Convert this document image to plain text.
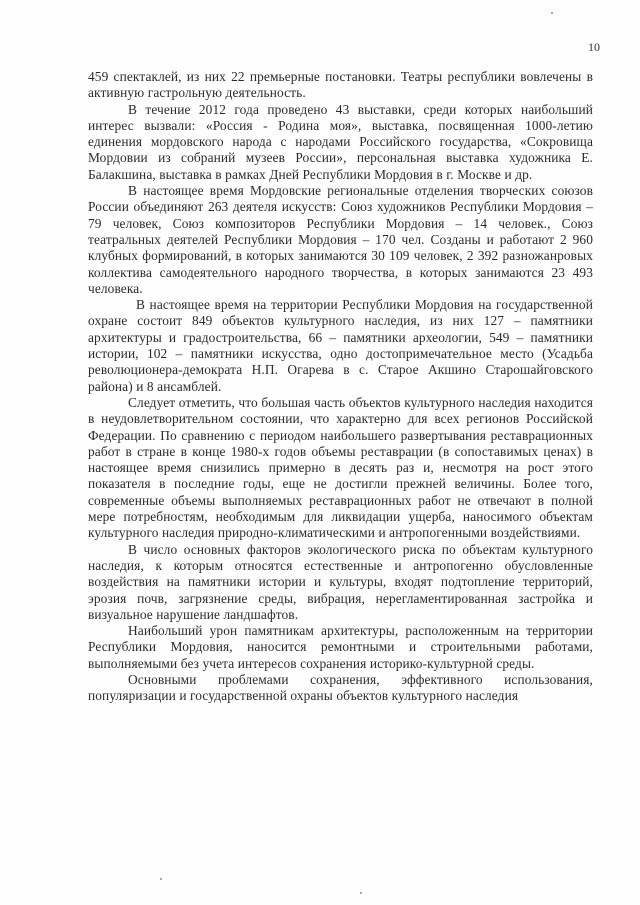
10

459 спектаклей, из них 22 премьерные постановки. Театры республики вовлечены в активную гастрольную деятельность.

В течение 2012 года проведено 43 выставки, среди которых наибольший интерес вызвали: «Россия - Родина моя», выставка, посвященная 1000-летию единения мордовского народа с народами Российского государства, «Сокровища Мордовии из собраний музеев России», персональная выставка художника Е. Балакшина, выставка в рамках Дней Республики Мордовия в г. Москве и др.

В настоящее время Мордовские региональные отделения творческих союзов России объединяют 263 деятеля искусств: Союз художников Республики Мордовия – 79 человек, Союз композиторов Республики Мордовия – 14 человек., Союз театральных деятелей Республики Мордовия – 170 чел. Созданы и работают 2 960 клубных формирований, в которых занимаются 30 109 человек, 2 392 разножанровых коллектива самодеятельного народного творчества, в которых занимаются 23 493 человека.

В настоящее время на территории Республики Мордовия на государственной охране состоит 849 объектов культурного наследия, из них 127 – памятники архитектуры и градостроительства, 66 – памятники археологии, 549 – памятники истории, 102 – памятники искусства, одно достопримечательное место (Усадьба революционера-демократа Н.П. Огарева в с. Старое Акшино Старошайговского района) и 8 ансамблей.

Следует отметить, что большая часть объектов культурного наследия находится в неудовлетворительном состоянии, что характерно для всех регионов Российской Федерации. По сравнению с периодом наибольшего развертывания реставрационных работ в стране в конце 1980-х годов объемы реставрации (в сопоставимых ценах) в настоящее время снизились примерно в десять раз и, несмотря на рост этого показателя в последние годы, еще не достигли прежней величины. Более того, современные объемы выполняемых реставрационных работ не отвечают в полной мере потребностям, необходимым для ликвидации ущерба, наносимого объектам культурного наследия природно-климатическими и антропогенными воздействиями.

В число основных факторов экологического риска по объектам культурного наследия, к которым относятся естественные и антропогенно обусловленные воздействия на памятники истории и культуры, входят подтопление территорий, эрозия почв, загрязнение среды, вибрация, нерегламентированная застройка и визуальное нарушение ландшафтов.

Наибольший урон памятникам архитектуры, расположенным на территории Республики Мордовия, наносится ремонтными и строительными работами, выполняемыми без учета интересов сохранения историко-культурной среды.

Основными проблемами сохранения, эффективного использования, популяризации и государственной охраны объектов культурного наследия
